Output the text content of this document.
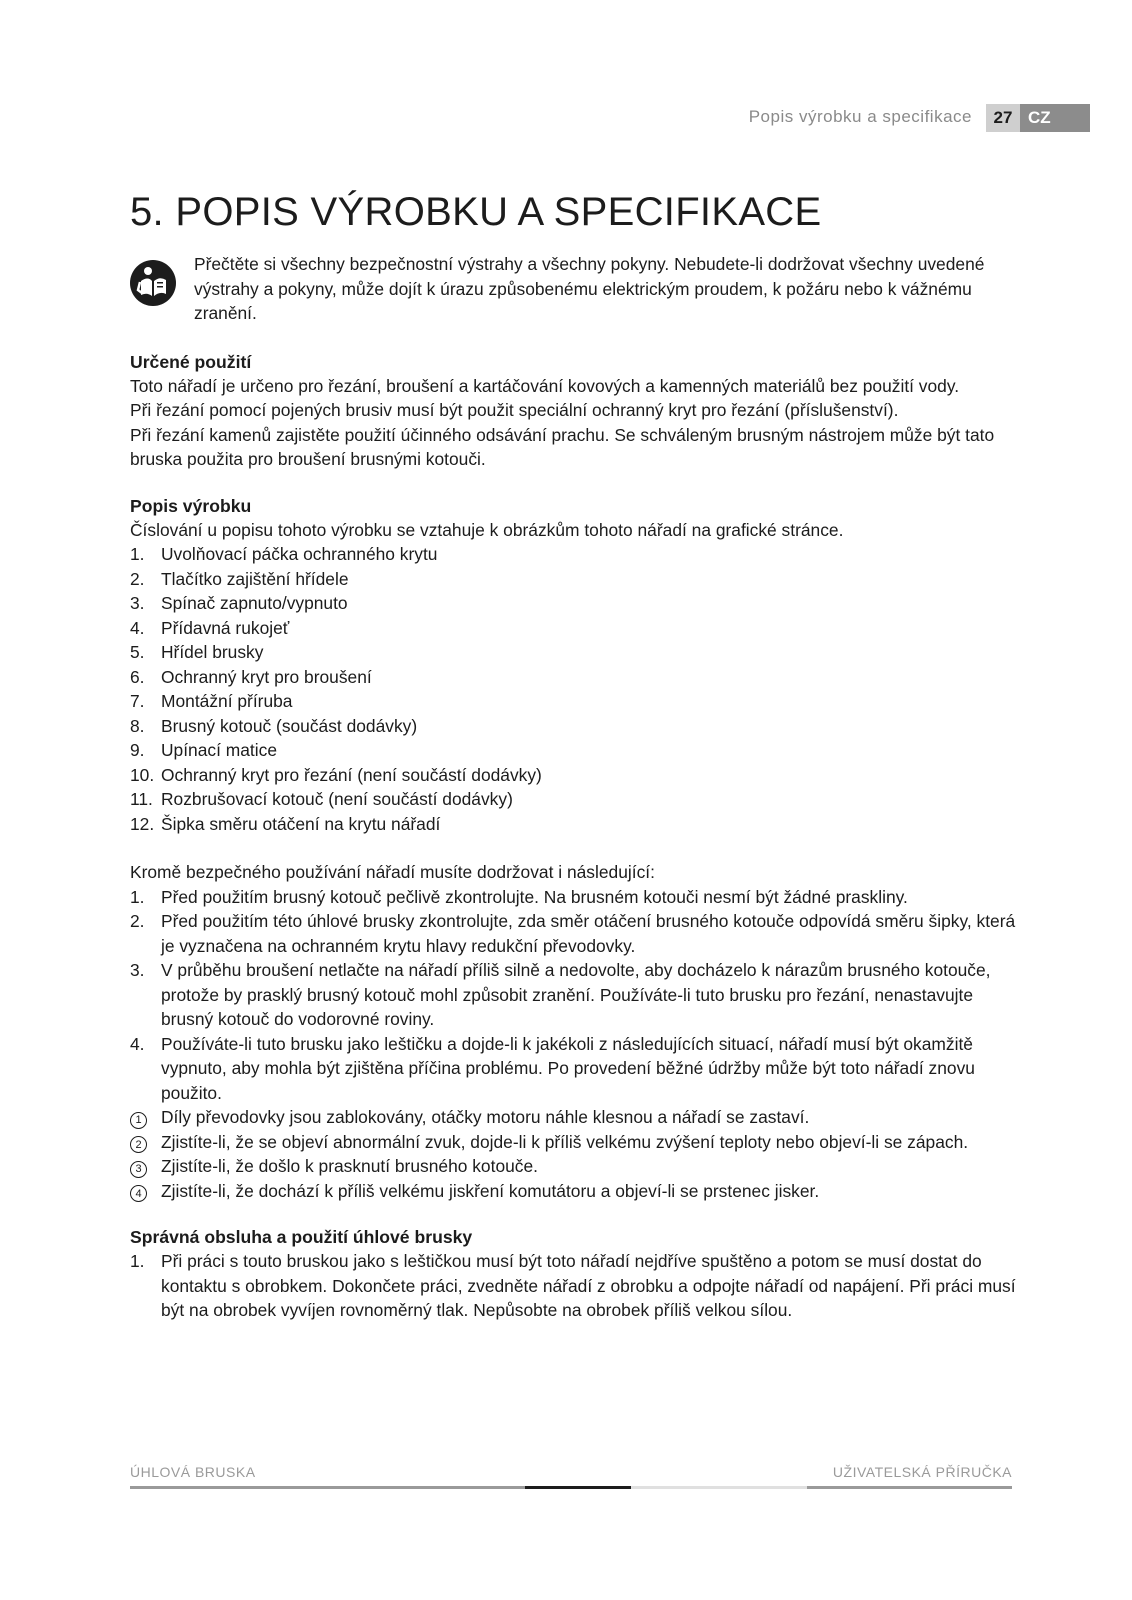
Popis výrobku a specifikace	27 CZ
5. POPIS VÝROBKU A SPECIFIKACE
Přečtěte si všechny bezpečnostní výstrahy a všechny pokyny. Nebudete-li dodržovat všechny uvedené výstrahy a pokyny, může dojít k úrazu způsobenému elektrickým proudem, k požáru nebo k vážnému zranění.
Určené použití

Toto nářadí je určeno pro řezání, broušení a kartáčování kovových a kamenných materiálů bez použití vody.

Při řezání pomocí pojených brusiv musí být použit speciální ochranný kryt pro řezání (příslušenství).

Při řezání kamenů zajistěte použití účinného odsávání prachu. Se schváleným brusným nástrojem může být tato bruska použita pro broušení brusnými kotouči.

Popis výrobku

Číslování u popisu tohoto výrobku se vztahuje k obrázkům tohoto nářadí na grafické stránce.

1. Uvolňovací páčka ochranného krytu
2. Tlačítko zajištění hřídele
3. Spínač zapnuto/vypnuto
4. Přídavná rukojeť
5. Hřídel brusky
6. Ochranný kryt pro broušení
7. Montážní příruba
8. Brusný kotouč (součást dodávky)
9. Upínací matice
10. Ochranný kryt pro řezání (není součástí dodávky)
11. Rozbrušovací kotouč (není součástí dodávky)
12. Šipka směru otáčení na krytu nářadí

Kromě bezpečného používání nářadí musíte dodržovat i následující:

1. Před použitím brusný kotouč pečlivě zkontrolujte. Na brusném kotouči nesmí být žádné praskliny.
2. Před použitím této úhlové brusky zkontrolujte, zda směr otáčení brusného kotouče odpovídá směru šipky, která je vyznačena na ochranném krytu hlavy redukční převodovky.
3. V průběhu broušení netlačte na nářadí příliš silně a nedovolte, aby docházelo k nárazům brusného kotouče, protože by prasklý brusný kotouč mohl způsobit zranění. Používáte-li tuto brusku pro řezání, nenastavujte brusný kotouč do vodorovné roviny.
4. Používáte-li tuto brusku jako leštičku a dojde-li k jakékoli z následujících situací, nářadí musí být okamžitě vypnuto, aby mohla být zjištěna příčina problému. Po provedení běžné údržby může být toto nářadí znovu použito.
1	Díly převodovky jsou zablokovány, otáčky motoru náhle klesnou a nářadí se zastaví.
2	Zjistíte-li, že se objeví abnormální zvuk, dojde-li k příliš velkému zvýšení teploty nebo objeví-li se zápach.
3	Zjistíte-li, že došlo k prasknutí brusného kotouče.
4	Zjistíte-li, že dochází k příliš velkému jiskření komutátoru a objeví-li se prstenec jisker.
Správná obsluha a použití úhlové brusky
1. Při práci s touto bruskou jako s leštičkou musí být toto nářadí nejdříve spuštěno a potom se musí dostat do kontaktu s obrobkem. Dokončete práci, zvedněte nářadí z obrobku a odpojte nářadí od napájení. Při práci musí být na obrobek vyvíjen rovnoměrný tlak. Nepůsobte na obrobek příliš velkou sílou.
ÚHLOVÁ BRUSKA	UŽIVATELSKÁ PŘÍRUČKA
